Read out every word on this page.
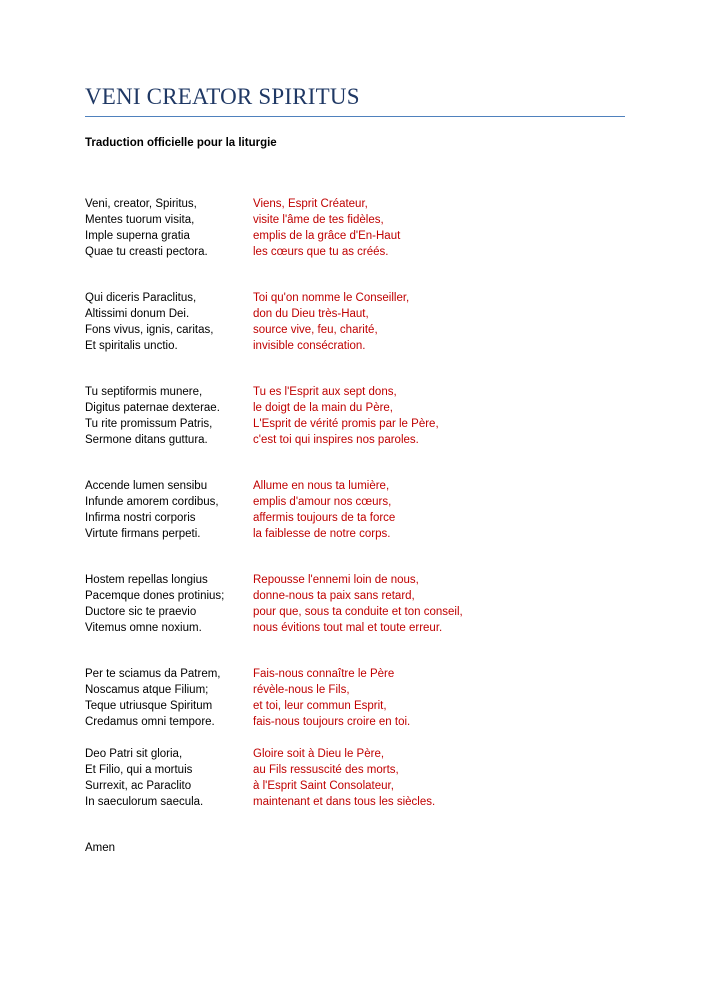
VENI CREATOR SPIRITUS
Traduction officielle pour la liturgie
Veni, creator, Spiritus,	Viens, Esprit Créateur,
Mentes tuorum visita,	visite l'âme de tes fidèles,
Imple superna gratia	emplis de la grâce d'En-Haut
Quae tu creasti pectora.	les cœurs que tu as créés.
Qui diceris Paraclitus,	Toi qu'on nomme le Conseiller,
Altissimi donum Dei.	don du Dieu très-Haut,
Fons vivus, ignis, caritas,	source vive, feu, charité,
Et spiritalis unctio.	invisible consécration.
Tu septiformis munere,	Tu es l'Esprit aux sept dons,
Digitus paternae dexterae.	le doigt de la main du Père,
Tu rite promissum Patris,	L'Esprit de vérité promis par le Père,
Sermone ditans guttura.	c'est toi qui inspires nos paroles.
Accende lumen sensibu	Allume en nous ta lumière,
Infunde amorem cordibus,	emplis d'amour nos cœurs,
Infirma nostri corporis	affermis toujours de ta force
Virtute firmans perpeti.	la faiblesse de notre corps.
Hostem repellas longius	Repousse l'ennemi loin de nous,
Pacemque dones protinius; donne-nous ta paix sans retard,
Ductore sic te praevio	pour que, sous ta conduite et ton conseil,
Vitemus omne noxium.	nous évitions tout mal et toute erreur.
Per te sciamus da Patrem,	Fais-nous connaître le Père
Noscamus atque Filium;	révèle-nous le Fils,
Teque utriusque Spiritum	et toi, leur commun Esprit,
Credamus omni tempore.	fais-nous toujours croire en toi.
Deo Patri sit gloria,	Gloire soit à Dieu le Père,
Et Filio, qui a mortuis	au Fils ressuscité des morts,
Surrexit, ac Paraclito	à l'Esprit Saint Consolateur,
In saeculorum saecula.	maintenant et dans tous les siècles.
Amen
